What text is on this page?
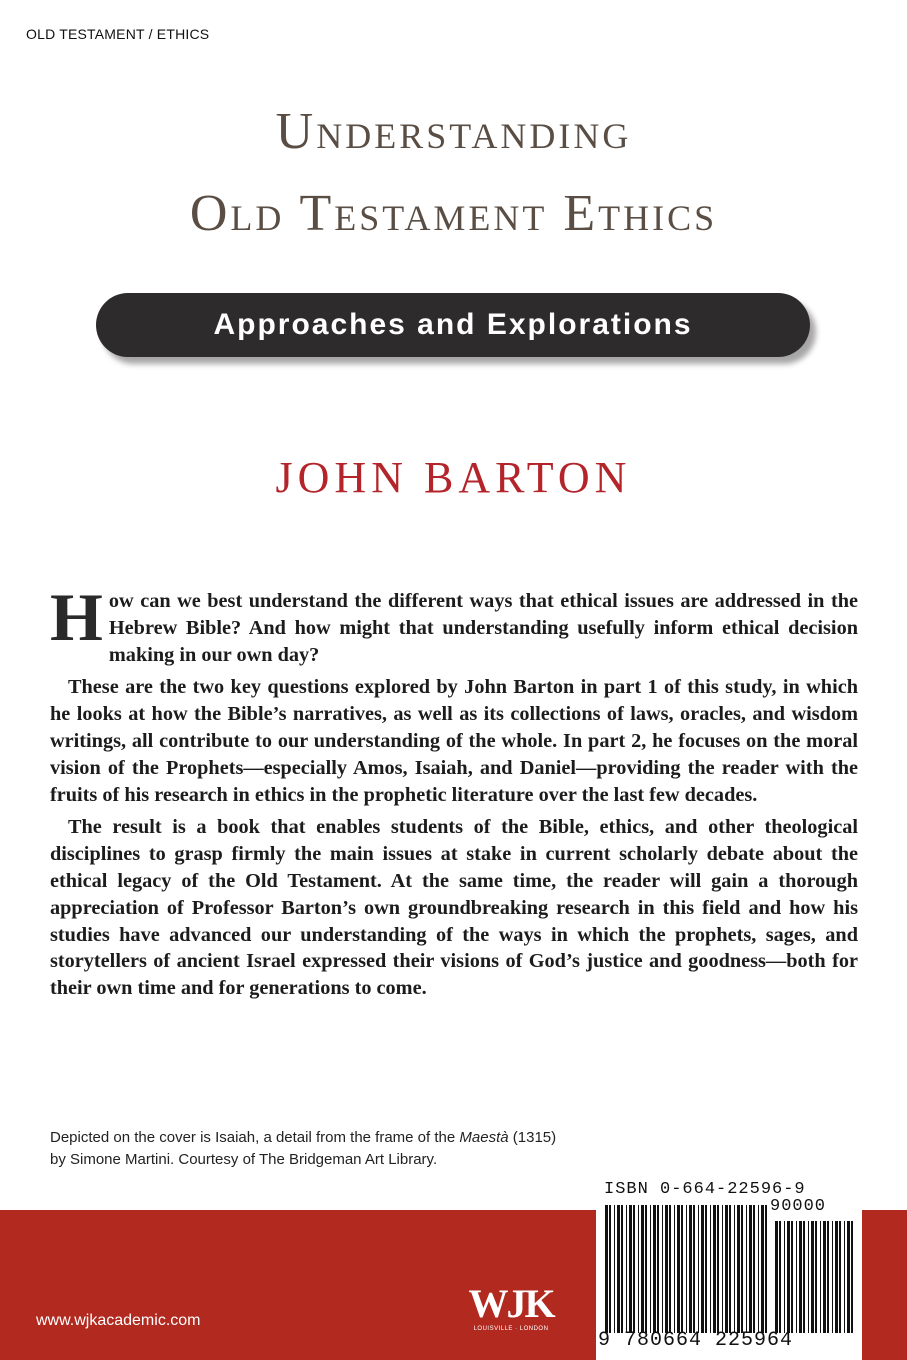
OLD TESTAMENT / ETHICS
Understanding
Old Testament Ethics
Approaches and Explorations
JOHN BARTON

How can we best understand the different ways that ethical issues are addressed in the Hebrew Bible? And how might that understanding usefully inform ethical decision making in our own day?

These are the two key questions explored by John Barton in part 1 of this study, in which he looks at how the Bible’s narratives, as well as its collections of laws, oracles, and wisdom writings, all contribute to our understanding of the whole. In part 2, he focuses on the moral vision of the Prophets—especially Amos, Isaiah, and Daniel—providing the reader with the fruits of his research in ethics in the prophetic literature over the last few decades.

The result is a book that enables students of the Bible, ethics, and other theological disciplines to grasp firmly the main issues at stake in current scholarly debate about the ethical legacy of the Old Testament. At the same time, the reader will gain a thorough appreciation of Professor Barton’s own groundbreaking research in this field and how his studies have advanced our understanding of the ways in which the prophets, sages, and storytellers of ancient Israel expressed their visions of God’s justice and goodness—both for their own time and for generations to come.

Depicted on the cover is Isaiah, a detail from the frame of the Maestà (1315) by Simone Martini. Courtesy of The Bridgeman Art Library.
www.wjkacademic.com	WJK
LOUISVILLE · LONDON
ISBN 0-664-22596-9
90000
9 780664 225964
